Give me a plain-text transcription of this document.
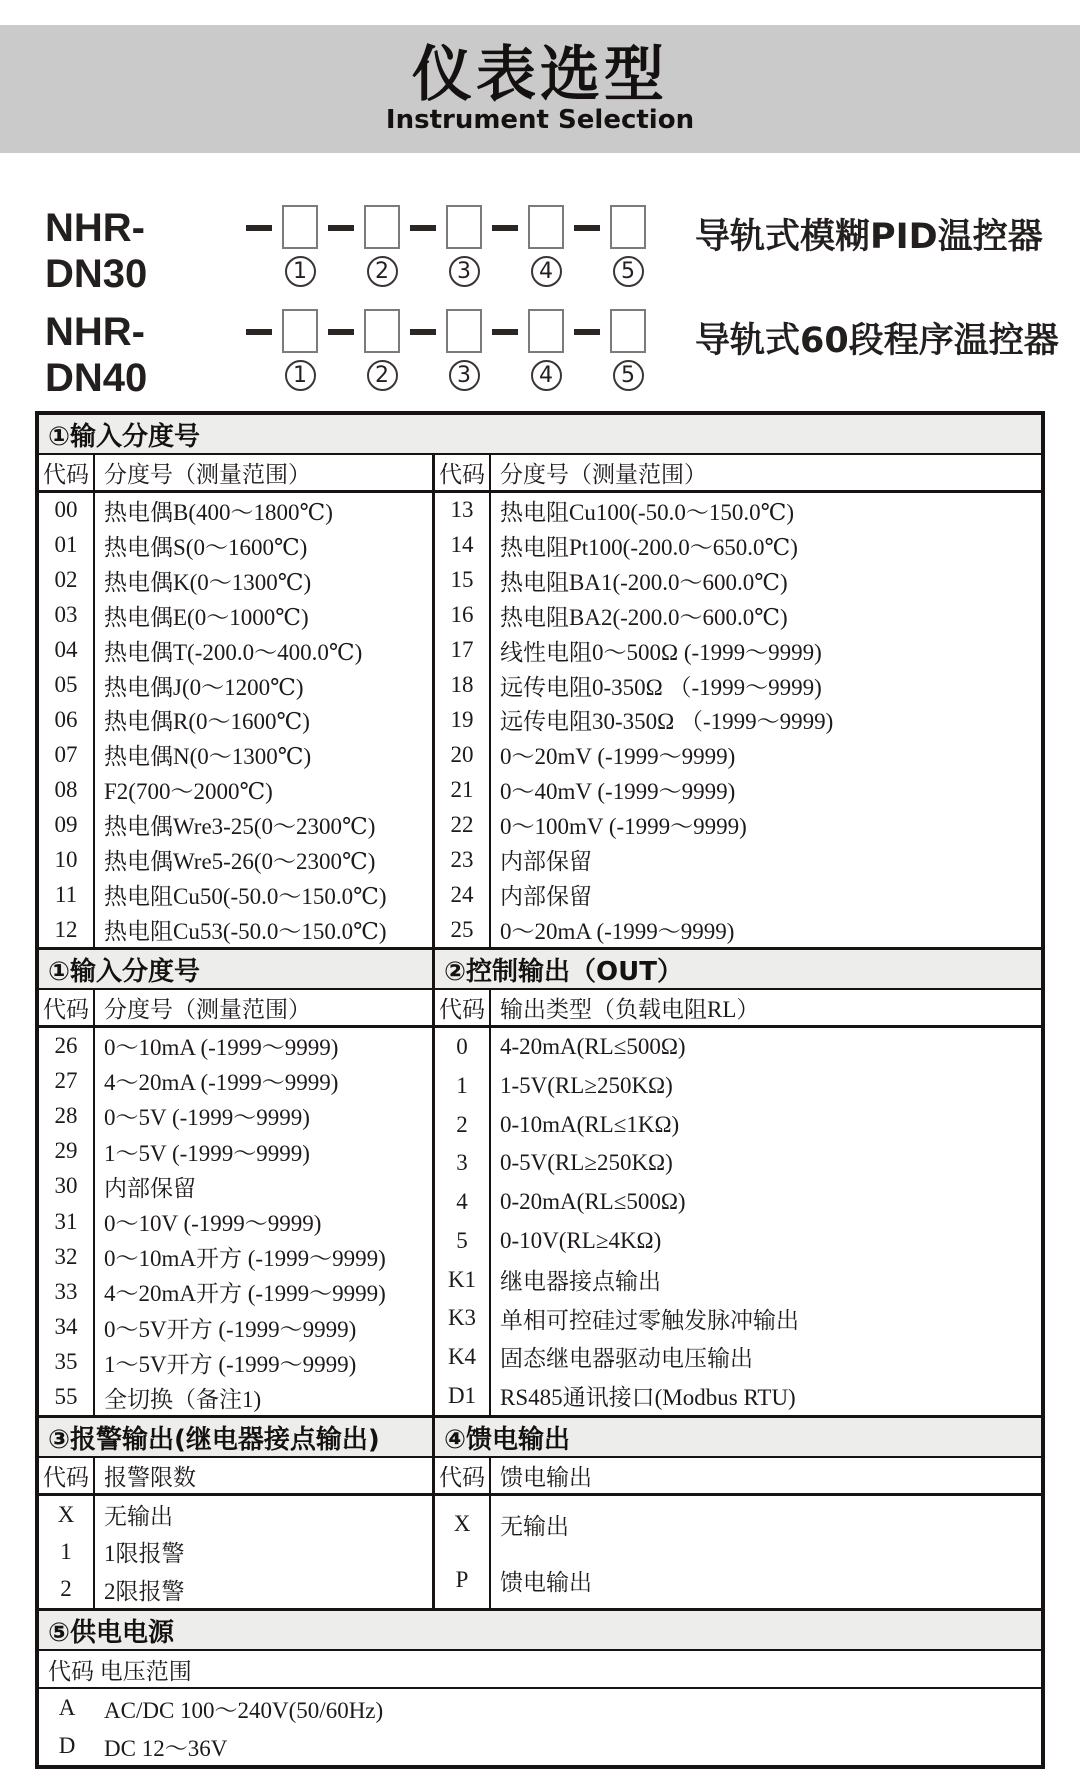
仪表选型
Instrument Selection
NHR-DN30	1	2	3	4	5
导轨式模糊PID温控器
NHR-DN40	1	2	3	4	5
导轨式60段程序温控器
①输入分度号
代码 分度号（测量范围）
00	热电偶B(400～1800℃)
01	热电偶S(0～1600℃)
02	热电偶K(0～1300℃)
03	热电偶E(0～1000℃)
04	热电偶T(-200.0～400.0℃)
05	热电偶J(0～1200℃)
06	热电偶R(0～1600℃)
07	热电偶N(0～1300℃)
08	F2(700～2000℃)
09	热电偶Wre3-25(0～2300℃)
10	热电偶Wre5-26(0～2300℃)
11	热电阻Cu50(-50.0～150.0℃)
12	热电阻Cu53(-50.0～150.0℃)
代码 分度号（测量范围）
13	热电阻Cu100(-50.0～150.0℃)
14	热电阻Pt100(-200.0～650.0℃)
15	热电阻BA1(-200.0～600.0℃)
16	热电阻BA2(-200.0～600.0℃)
17	线性电阻0～500Ω (-1999～9999)
18	远传电阻0-350Ω （-1999～9999)
19	远传电阻30-350Ω （-1999～9999)
20	0～20mV (-1999～9999)
21	0～40mV (-1999～9999)
22	0～100mV (-1999～9999)
23	内部保留
24	内部保留
25	0～20mA (-1999～9999)
①输入分度号
代码 分度号（测量范围）
26	0～10mA (-1999～9999)
27	4～20mA (-1999～9999)
28	0～5V (-1999～9999)
29	1～5V (-1999～9999)
30	内部保留
31	0～10V (-1999～9999)
32	0～10mA开方 (-1999～9999)
33	4～20mA开方 (-1999～9999)
34	0～5V开方 (-1999～9999)
35	1～5V开方 (-1999～9999)
55	全切换（备注1)
②控制输出（OUT）
代码 输出类型（负载电阻RL）
0	4-20mA(RL≤500Ω)
1	1-5V(RL≥250KΩ)
2	0-10mA(RL≤1KΩ)
3	0-5V(RL≥250KΩ)
4	0-20mA(RL≤500Ω)
5	0-10V(RL≥4KΩ)
K1	继电器接点输出
K3	单相可控硅过零触发脉冲输出
K4	固态继电器驱动电压输出
D1	RS485通讯接口(Modbus RTU)
③报警输出(继电器接点输出)
代码 报警限数
X	无输出
1	1限报警
2	2限报警
④馈电输出
代码 馈电输出
X	无输出
P	馈电输出
⑤供电电源
代码 电压范围
A	AC/DC 100～240V(50/60Hz)
D	DC 12～36V
